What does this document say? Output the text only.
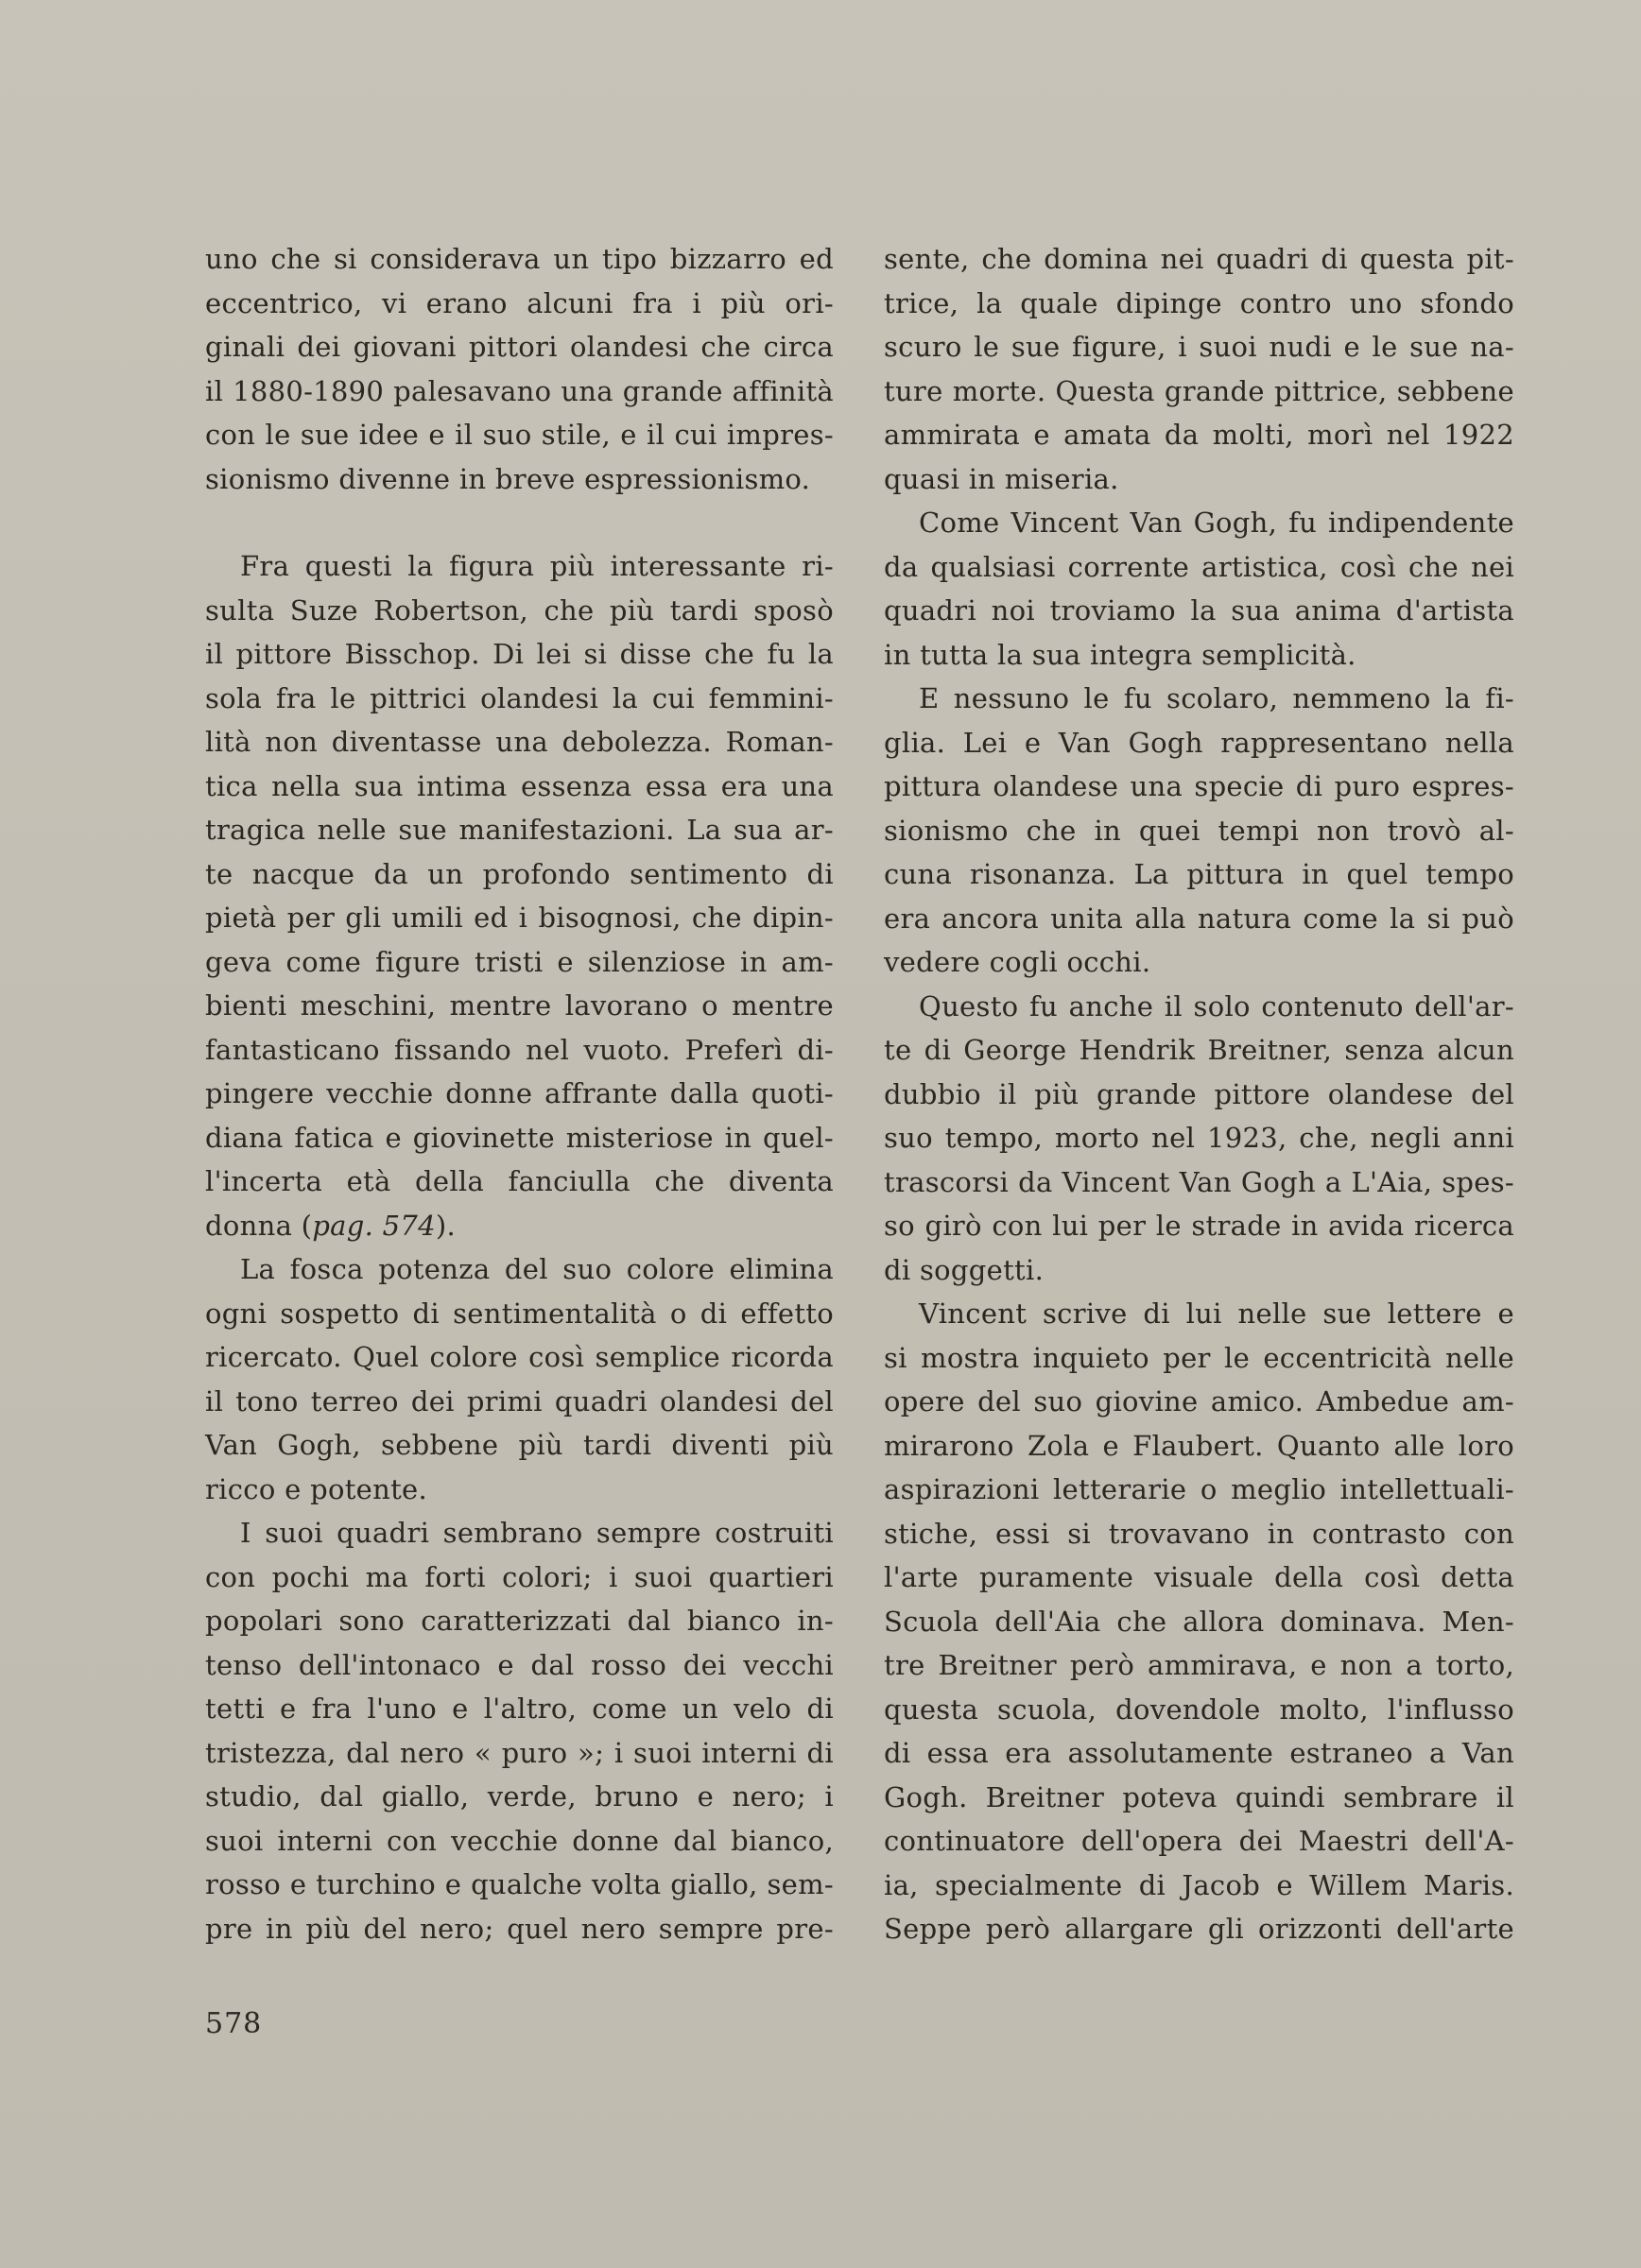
uno che si considerava un tipo bizzarro ed
eccentrico, vi erano alcuni fra i più ori-
ginali dei giovani pittori olandesi che circa
il 1880-1890 palesavano una grande affinità
con le sue idee e il suo stile, e il cui impres-
sionismo divenne in breve espressionismo.
Fra questi la figura più interessante ri-
sulta Suze Robertson, che più tardi sposò
il pittore Bisschop. Di lei si disse che fu la
sola fra le pittrici olandesi la cui femmini-
lità non diventasse una debolezza. Roman-
tica nella sua intima essenza essa era una
tragica nelle sue manifestazioni. La sua ar-
te nacque da un profondo sentimento di
pietà per gli umili ed i bisognosi, che dipin-
geva come figure tristi e silenziose in am-
bienti meschini, mentre lavorano o mentre
fantasticano fissando nel vuoto. Preferì di-
pingere vecchie donne affrante dalla quoti-
diana fatica e giovinette misteriose in quel-
l'incerta età della fanciulla che diventa
donna (pag. 574).
La fosca potenza del suo colore elimina
ogni sospetto di sentimentalità o di effetto
ricercato. Quel colore così semplice ricorda
il tono terreo dei primi quadri olandesi del
Van Gogh, sebbene più tardi diventi più
ricco e potente.
I suoi quadri sembrano sempre costruiti
con pochi ma forti colori; i suoi quartieri
popolari sono caratterizzati dal bianco in-
tenso dell'intonaco e dal rosso dei vecchi
tetti e fra l'uno e l'altro, come un velo di
tristezza, dal nero « puro »; i suoi interni di
studio, dal giallo, verde, bruno e nero; i
suoi interni con vecchie donne dal bianco,
rosso e turchino e qualche volta giallo, sem-
pre in più del nero; quel nero sempre pre-
sente, che domina nei quadri di questa pit-
trice, la quale dipinge contro uno sfondo
scuro le sue figure, i suoi nudi e le sue na-
ture morte. Questa grande pittrice, sebbene
ammirata e amata da molti, morì nel 1922
quasi in miseria.
Come Vincent Van Gogh, fu indipendente
da qualsiasi corrente artistica, così che nei
quadri noi troviamo la sua anima d'artista
in tutta la sua integra semplicità.
E nessuno le fu scolaro, nemmeno la fi-
glia. Lei e Van Gogh rappresentano nella
pittura olandese una specie di puro espres-
sionismo che in quei tempi non trovò al-
cuna risonanza. La pittura in quel tempo
era ancora unita alla natura come la si può
vedere cogli occhi.
Questo fu anche il solo contenuto dell'ar-
te di George Hendrik Breitner, senza alcun
dubbio il più grande pittore olandese del
suo tempo, morto nel 1923, che, negli anni
trascorsi da Vincent Van Gogh a L'Aia, spes-
so girò con lui per le strade in avida ricerca
di soggetti.
Vincent scrive di lui nelle sue lettere e
si mostra inquieto per le eccentricità nelle
opere del suo giovine amico. Ambedue am-
mirarono Zola e Flaubert. Quanto alle loro
aspirazioni letterarie o meglio intellettuali-
stiche, essi si trovavano in contrasto con
l'arte puramente visuale della così detta
Scuola dell'Aia che allora dominava. Men-
tre Breitner però ammirava, e non a torto,
questa scuola, dovendole molto, l'influsso
di essa era assolutamente estraneo a Van
Gogh. Breitner poteva quindi sembrare il
continuatore dell'opera dei Maestri dell'A-
ia, specialmente di Jacob e Willem Maris.
Seppe però allargare gli orizzonti dell'arte
578
